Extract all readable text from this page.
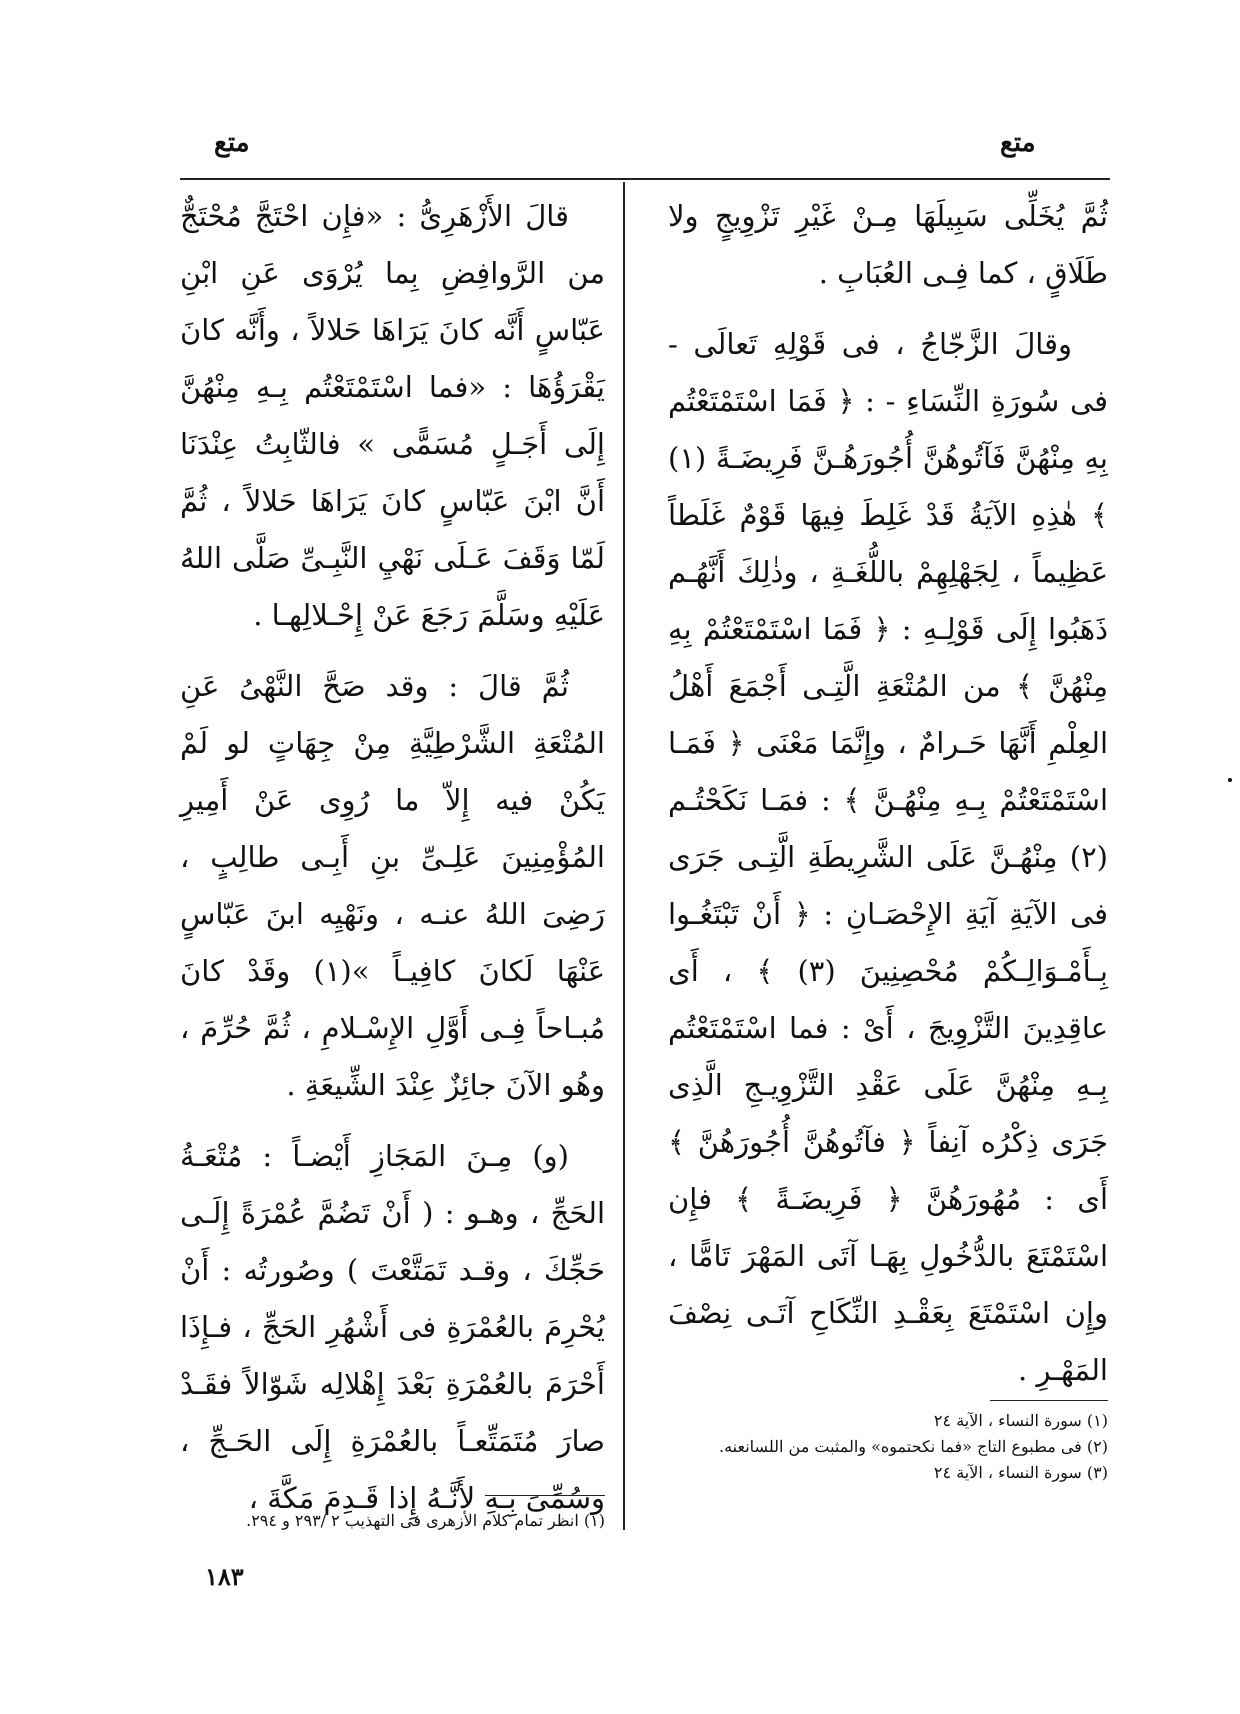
متع
متع

ثُمَّ يُخَلِّى سَبِيلَهَا مِـنْ غَيْرِ تَزْوِيجٍ ولا طَلَاقٍ ، كما فِـى العُبَابِ .

وقالَ الزَّجّاجُ ، فى قَوْلِهِ تَعالَى - فى سُورَةِ النِّسَاءِ - : ﴿ فَمَا اسْتَمْتَعْتُم بِهِ مِنْهُنَّ فَآتُوهُنَّ أُجُورَهُـنَّ فَرِيضَـةً (١) ﴾ هٰذِهِ الآيَةُ قَدْ غَلِطَ فِيهَا قَوْمٌ غَلَطاً عَظِيماً ، لِجَهْلِهِمْ باللُّغَـةِ ، وذٰلِكَ أَنَّهُـم ذَهَبُوا إِلَى قَوْلِـهِ : ﴿ فَمَا اسْتَمْتَعْتُمْ بِهِ مِنْهُنَّ ﴾ من المُتْعَةِ الَّتِـى أَجْمَعَ أَهْلُ العِلْمِ أَنَّهَا حَـرامٌ ، وإِنَّمَا مَعْنَى ﴿ فَمَـا اسْتَمْتَعْتُمْ بِـهِ مِنْهُـنَّ ﴾ : فمَـا نَكَحْتُـم (٢) مِنْهُـنَّ عَلَى الشَّرِيطَةِ الَّتِـى جَرَى فى الآيَةِ آيَةِ الإِحْصَـانِ : ﴿ أَنْ تَبْتَغُـوا بِـأَمْـوَالِـكُمْ مُحْصِنِينَ (٣) ﴾ ، أَى عاقِدِينَ التَّزْوِيجَ ، أَىْ : فما اسْتَمْتَعْتُم بِـهِ مِنْهُنَّ عَلَى عَقْدِ التَّزْوِيـجِ الَّذِى جَرَى ذِكْرُه آنِفاً ﴿ فآتُوهُنَّ أُجُورَهُنَّ ﴾ أَى : مُهُورَهُنَّ ﴿ فَرِيضَـةً ﴾ فإِن اسْتَمْتَعَ بالدُّخُولِ بِهَـا آتَى المَهْرَ تَامًّا ، وإِن اسْتَمْتَعَ بِعَقْـدِ النِّكَاحِ آتَـى نِصْفَ المَهْـرِ .

قالَ الأَزْهَرِىُّ : «فإِن احْتَجَّ مُحْتَجٌّ من الرَّوافِضِ بِما يُرْوَى عَنِ ابْنِ عَبّاسٍ أَنَّه كانَ يَرَاهَا حَلالاً ، وأَنَّه كانَ يَقْرَؤُهَا : «فما اسْتَمْتَعْتُم بِـهِ مِنْهُنَّ إِلَى أَجَـلٍ مُسَمًّى » فالثّابِتُ عِنْدَنَا أَنَّ ابْنَ عَبّاسٍ كانَ يَرَاهَا حَلالاً ، ثُمَّ لَمّا وَقَفَ عَـلَى نَهْيِ النَّبِـىِّ صَلَّى اللهُ عَلَيْهِ وسَلَّمَ رَجَعَ عَنْ إِحْـلالِهـا .

ثُمَّ قالَ : وقد صَحَّ النَّهْىُ عَنِ المُتْعَةِ الشَّرْطِيَّةِ مِنْ جِهَاتٍ لو لَمْ يَكُنْ فيه إِلاّ ما رُوِى عَنْ أَمِيرِ المُؤْمِنِينَ عَلِـىِّ بنِ أَبِـى طالِبٍ ، رَضِىَ اللهُ عنـه ، ونَهْيِه ابنَ عَبّاسٍ عَنْهَا لَكانَ كافِيـاً »(١) وقَدْ كانَ مُبـاحاً فِـى أَوَّلِ الإِسْـلامِ ، ثُمَّ حُرِّمَ ، وهُو الآنَ جائِزٌ عِنْدَ الشِّيعَةِ .

(و) مِـنَ المَجَازِ أَيْضـاً : مُتْعَـةُ الحَجِّ ، وهـو : ( أَنْ تَضُمَّ عُمْرَةً إِلَـى حَجِّكَ ، وقـد تَمَتَّعْتَ ) وصُورتُه : أَنْ يُحْرِمَ بالعُمْرَةِ فى أَشْهُرِ الحَجِّ ، فـإِذَا أَحْرَمَ بالعُمْرَةِ بَعْدَ إِهْلالِه شَوّالاً فقَـدْ صارَ مُتَمَتِّعـاً بالعُمْرَةِ إِلَى الحَـجِّ ، وسُمِّىَ بِـهِ لأَنَّـهُ إِذا قَـدِمَ مَكَّةَ ،

(١) سورة النساء ، الآية ٢٤
(٢) فى مطبوع التاج «فما نكحتموه» والمثبت من اللسانعنه.
(٣) سورة النساء ، الآية ٢٤
(١) انظر تمام كلام الأزهرى فى التهذيب ٢ /٢٩٣ و ٢٩٤.
١٨٣
